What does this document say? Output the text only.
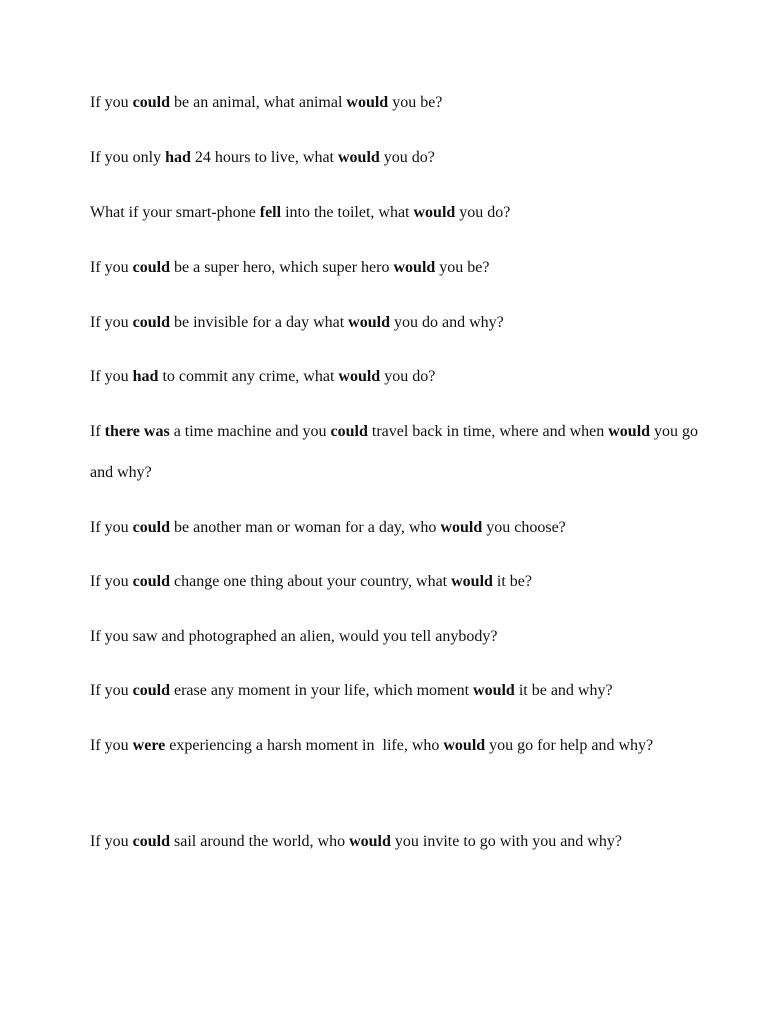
If you could be an animal, what animal would you be?

If you only had 24 hours to live, what would you do?

What if your smart-phone fell into the toilet, what would you do?

If you could be a super hero, which super hero would you be?

If you could be invisible for a day what would you do and why?

If you had to commit any crime, what would you do?

If there was a time machine and you could travel back in time, where and when would you go and why?

If you could be another man or woman for a day, who would you choose?

If you could change one thing about your country, what would it be?

If you saw and photographed an alien, would you tell anybody?

If you could erase any moment in your life, which moment would it be and why?

If you were experiencing a harsh moment in  life, who would you go for help and why?

If you could sail around the world, who would you invite to go with you and why?
